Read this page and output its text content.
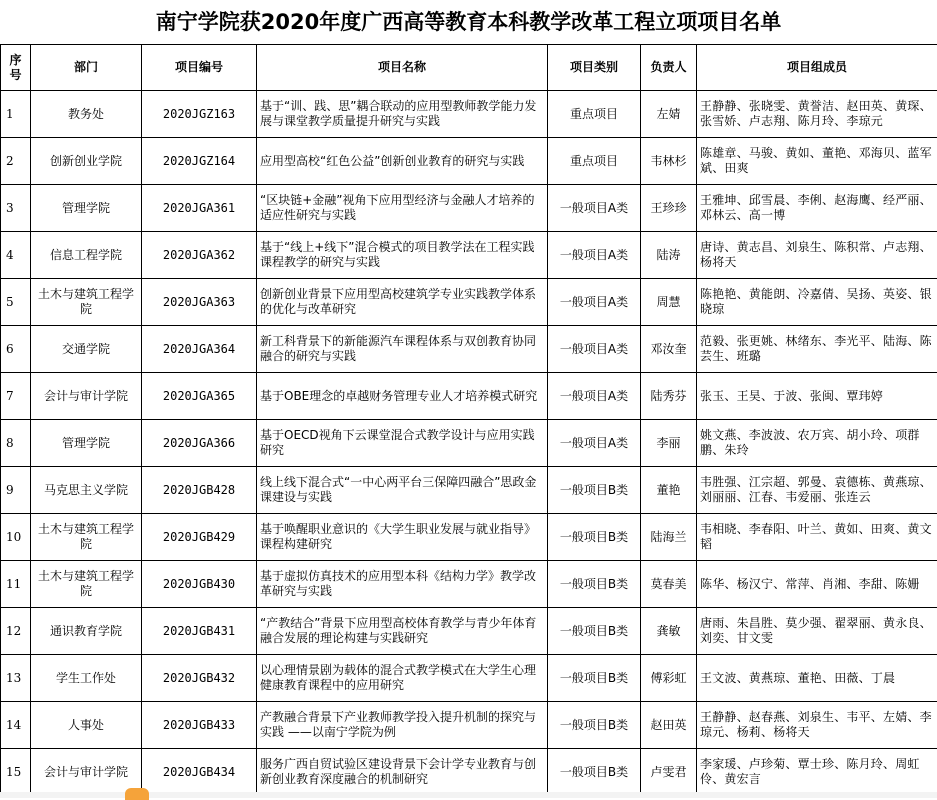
南宁学院获2020年度广西高等教育本科教学改革工程立项项目名单
序号	部门	项目编号	项目名称	项目类别	负责人	项目组成员
1	教务处	2020JGZ163	基于“训、践、思”耦合联动的应用型教师教学能力发展与课堂教学质量提升研究与实践	重点项目	左婧	王静静、张晓雯、黄誉洁、赵田英、黄琛、张雪娇、卢志翔、陈月玲、李琼元
2	创新创业学院	2020JGZ164	应用型高校“红色公益”创新创业教育的研究与实践	重点项目	韦林杉	陈雄章、马骏、黄如、董艳、邓海贝、蓝军斌、田爽
3	管理学院	2020JGA361	“区块链+金融”视角下应用型经济与金融人才培养的适应性研究与实践	一般项目A类	王珍珍	王雅坤、邱雪晨、李俐、赵海鹰、经严丽、邓林云、高一博
4	信息工程学院	2020JGA362	基于“线上+线下”混合模式的项目教学法在工程实践课程教学的研究与实践	一般项目A类	陆涛	唐诗、黄志昌、刘泉生、陈积常、卢志翔、杨将天
5	土木与建筑工程学院	2020JGA363	创新创业背景下应用型高校建筑学专业实践教学体系的优化与改革研究	一般项目A类	周慧	陈艳艳、黄能朗、冷嘉倩、吴扬、英姿、银晓琼
6	交通学院	2020JGA364	新工科背景下的新能源汽车课程体系与双创教育协同融合的研究与实践	一般项目A类	邓汝奎	范毅、张更姚、林绪东、李光平、陆海、陈芸生、班璐
7	会计与审计学院	2020JGA365	基于OBE理念的卓越财务管理专业人才培养模式研究	一般项目A类	陆秀芬	张玉、王昊、于波、张闽、覃玮婷
8	管理学院	2020JGA366	基于OECD视角下云课堂混合式教学设计与应用实践研究	一般项目A类	李丽	姚文燕、李波波、农万宾、胡小玲、项群鹏、朱玲
9	马克思主义学院	2020JGB428	线上线下混合式“一中心两平台三保障四融合”思政金课建设与实践	一般项目B类	董艳	韦胜强、江宗超、郭曼、袁德栋、黄燕琼、刘丽丽、江春、韦爱丽、张连云
10	土木与建筑工程学院	2020JGB429	基于唤醒职业意识的《大学生职业发展与就业指导》课程构建研究	一般项目B类	陆海兰	韦相晓、李春阳、叶兰、黄如、田爽、黄文韬
11	土木与建筑工程学院	2020JGB430	基于虚拟仿真技术的应用型本科《结构力学》教学改革研究与实践	一般项目B类	莫春美	陈华、杨汉宁、常萍、肖湘、李甜、陈姗
12	通识教育学院	2020JGB431	“产教结合”背景下应用型高校体育教学与青少年体育融合发展的理论构建与实践研究	一般项目B类	龚敏	唐雨、朱昌胜、莫少强、翟翠丽、黄永良、刘奕、甘文雯
13	学生工作处	2020JGB432	以心理情景剧为载体的混合式教学模式在大学生心理健康教育课程中的应用研究	一般项目B类	傅彩虹	王文波、黄燕琼、董艳、田薇、丁晨
14	人事处	2020JGB433	产教融合背景下产业教师教学投入提升机制的探究与实践 ——以南宁学院为例	一般项目B类	赵田英	王静静、赵春燕、刘泉生、韦平、左婧、李琼元、杨莉、杨将天
15	会计与审计学院	2020JGB434	服务广西自贸试验区建设背景下会计学专业教育与创新创业教育深度融合的机制研究	一般项目B类	卢雯君	李家瑗、卢珍菊、覃士珍、陈月玲、周虹伶、黄宏言
